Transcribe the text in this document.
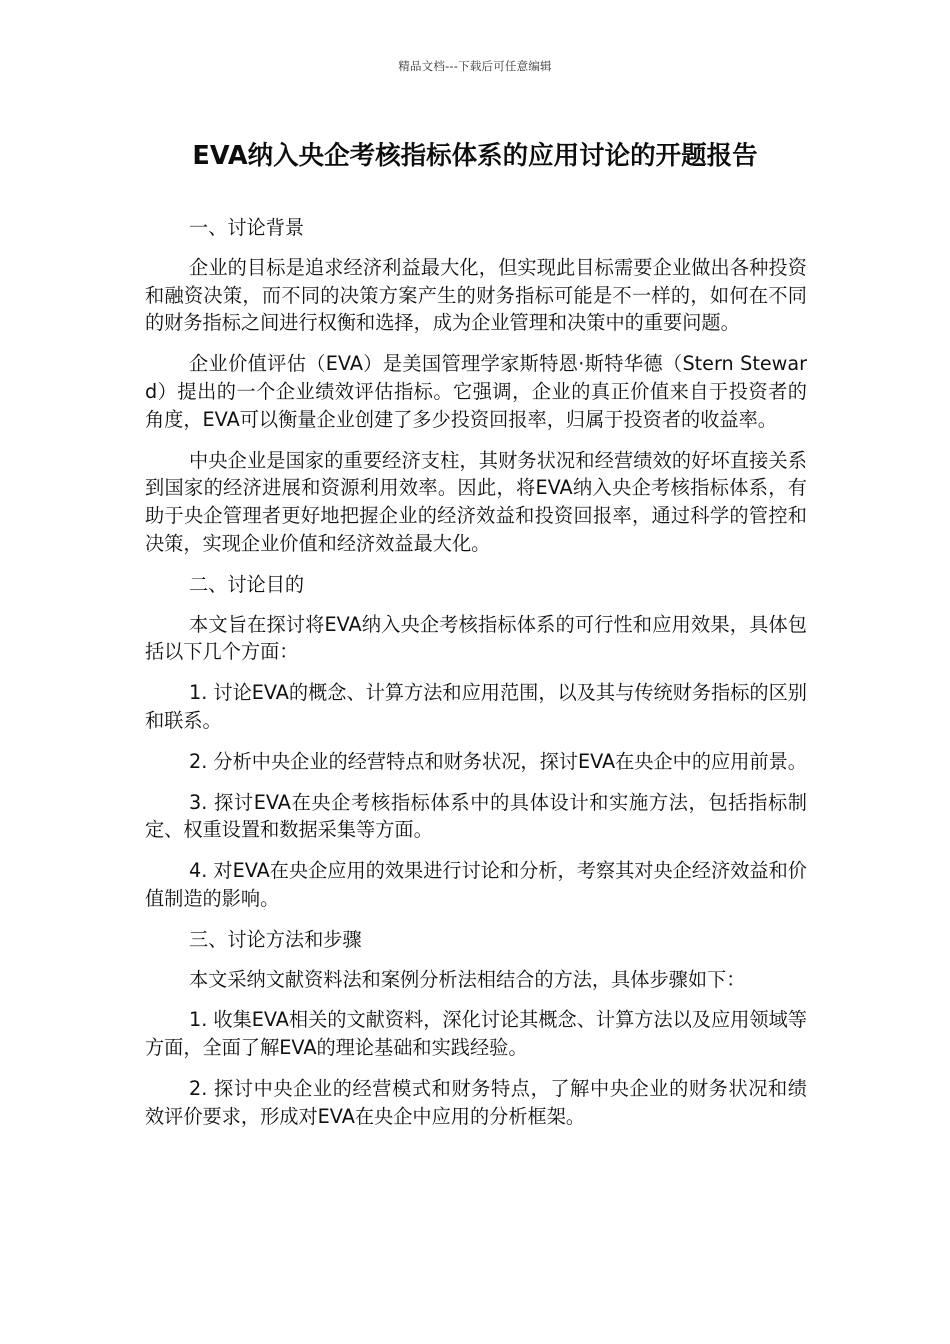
精品文档---下载后可任意编辑
EVA纳入央企考核指标体系的应用讨论的开题报告

一、讨论背景

企业的目标是追求经济利益最大化，但实现此目标需要企业做出各种投资和融资决策，而不同的决策方案产生的财务指标可能是不一样的，如何在不同的财务指标之间进行权衡和选择，成为企业管理和决策中的重要问题。

企业价值评估（EVA）是美国管理学家斯特恩·斯特华德（Stern Steward）提出的一个企业绩效评估指标。它强调，企业的真正价值来自于投资者的角度，EVA可以衡量企业创建了多少投资回报率，归属于投资者的收益率。

中央企业是国家的重要经济支柱，其财务状况和经营绩效的好坏直接关系到国家的经济进展和资源利用效率。因此，将EVA纳入央企考核指标体系，有助于央企管理者更好地把握企业的经济效益和投资回报率，通过科学的管控和决策，实现企业价值和经济效益最大化。

二、讨论目的

本文旨在探讨将EVA纳入央企考核指标体系的可行性和应用效果，具体包括以下几个方面：

1. 讨论EVA的概念、计算方法和应用范围，以及其与传统财务指标的区别和联系。

2. 分析中央企业的经营特点和财务状况，探讨EVA在央企中的应用前景。

3. 探讨EVA在央企考核指标体系中的具体设计和实施方法，包括指标制定、权重设置和数据采集等方面。

4. 对EVA在央企应用的效果进行讨论和分析，考察其对央企经济效益和价值制造的影响。

三、讨论方法和步骤

本文采纳文献资料法和案例分析法相结合的方法，具体步骤如下：

1. 收集EVA相关的文献资料，深化讨论其概念、计算方法以及应用领域等方面，全面了解EVA的理论基础和实践经验。

2. 探讨中央企业的经营模式和财务特点，了解中央企业的财务状况和绩效评价要求，形成对EVA在央企中应用的分析框架。
